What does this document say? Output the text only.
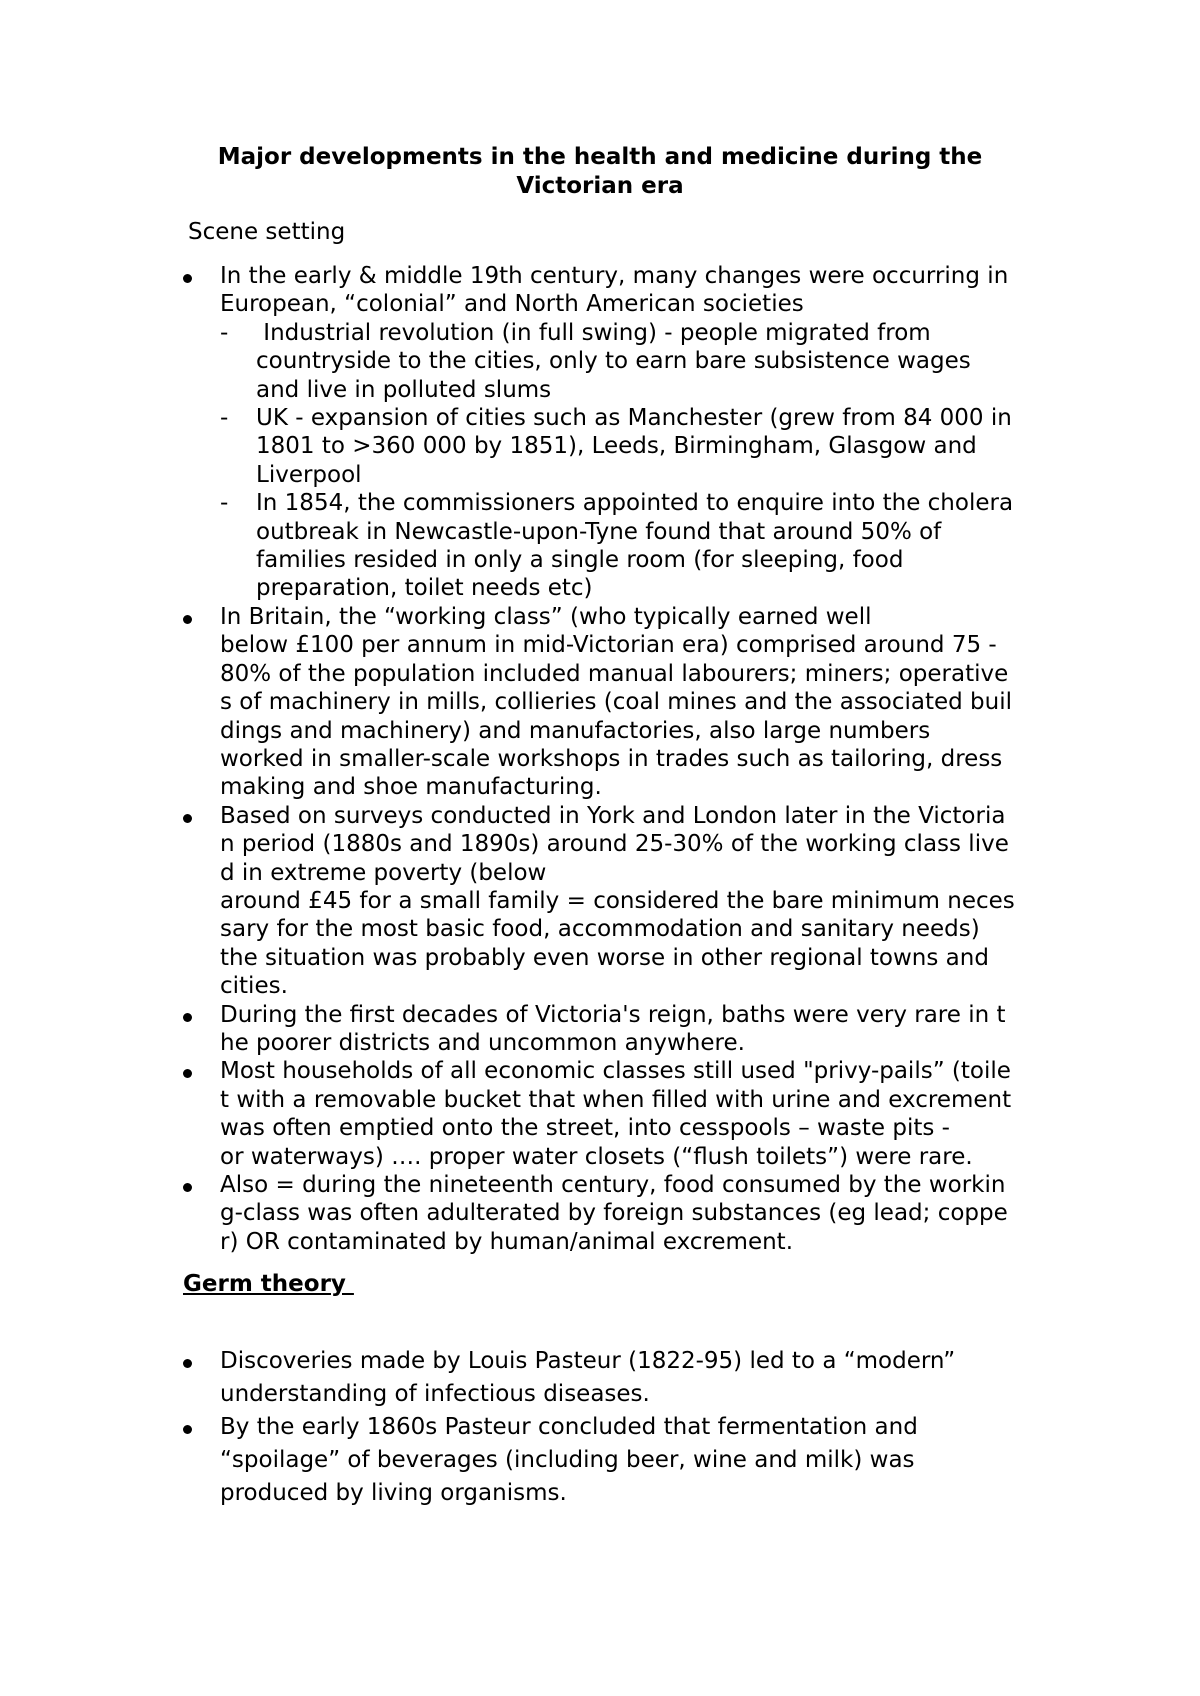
Major developments in the health and medicine during the
Victorian era
Scene setting
In the early & middle 19th century, many changes were occurring in
European, “colonial” and North American societies
- Industrial revolution (in full swing) - people migrated from
countryside to the cities, only to earn bare subsistence wages
and live in polluted slums
- UK - expansion of cities such as Manchester (grew from 84 000 in
1801 to >360 000 by 1851), Leeds, Birmingham, Glasgow and
Liverpool
- In 1854, the commissioners appointed to enquire into the cholera
outbreak in Newcastle-upon-Tyne found that around 50% of
families resided in only a single room (for sleeping, food
preparation, toilet needs etc)
In Britain, the “working class” (who typically earned well
below £100 per annum in mid-Victorian era) comprised around 75 -
80% of the population included manual labourers; miners; operative
s of machinery in mills, collieries (coal mines and the associated buil
dings and machinery) and manufactories, also large numbers
worked in smaller-scale workshops in trades such as tailoring, dress
making and shoe manufacturing.
Based on surveys conducted in York and London later in the Victoria
n period (1880s and 1890s) around 25-30% of the working class live
d in extreme poverty (below
around £45 for a small family = considered the bare minimum neces
sary for the most basic food, accommodation and sanitary needs)
the situation was probably even worse in other regional towns and
cities.
During the first decades of Victoria's reign, baths were very rare in t
he poorer districts and uncommon anywhere.
Most households of all economic classes still used "privy-pails” (toile
t with a removable bucket that when filled with urine and excrement
was often emptied onto the street, into cesspools – waste pits -
or waterways) …. proper water closets (“flush toilets”) were rare.
Also = during the nineteenth century, food consumed by the workin
g-class was often adulterated by foreign substances (eg lead; coppe
r) OR contaminated by human/animal excrement.
Germ theory
Discoveries made by Louis Pasteur (1822-95) led to a “modern”
understanding of infectious diseases.
By the early 1860s Pasteur concluded that fermentation and
“spoilage” of beverages (including beer, wine and milk) was
produced by living organisms.
